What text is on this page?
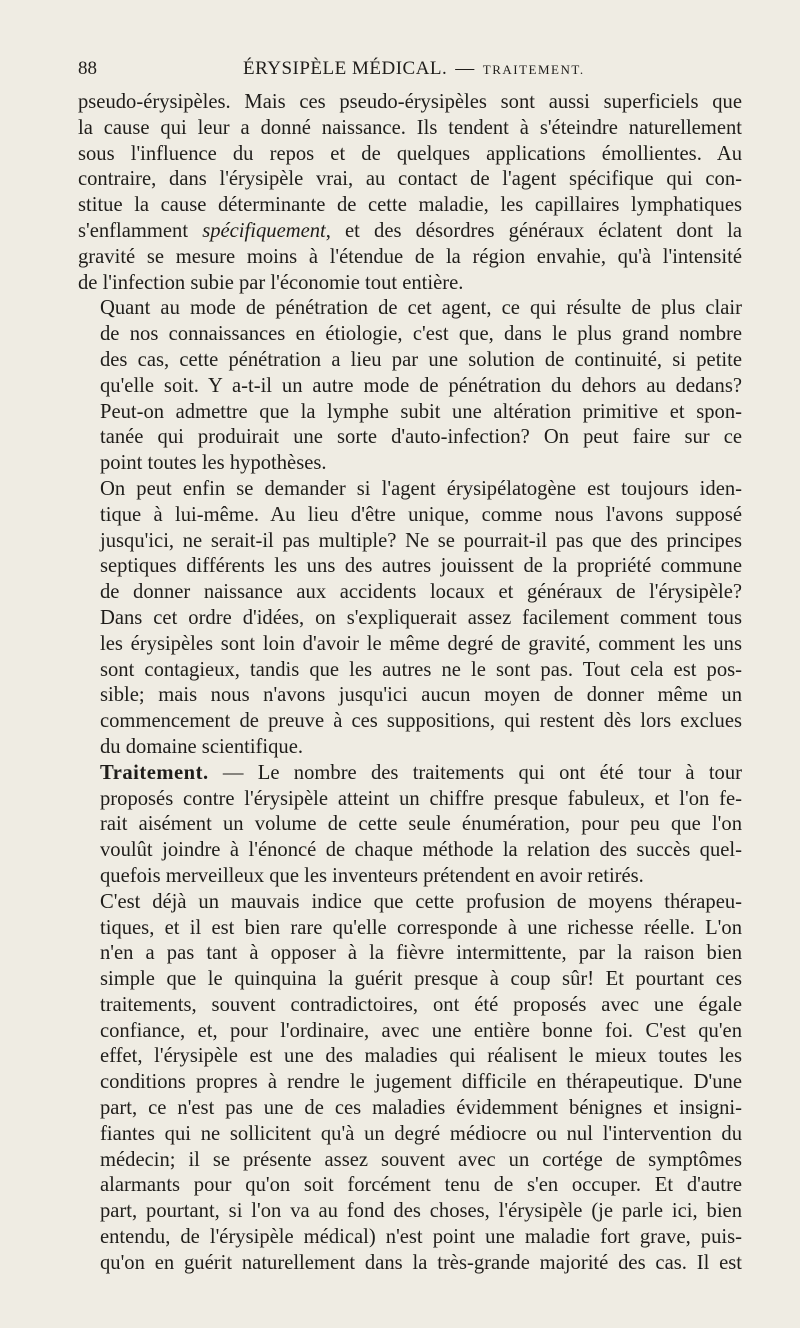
88	ÉRYSIPÈLE MÉDICAL. — TRAITEMENT.

pseudo-érysipèles. Mais ces pseudo-érysipèles sont aussi superficiels que
la cause qui leur a donné naissance. Ils tendent à s'éteindre naturellement
sous l'influence du repos et de quelques applications émollientes. Au
contraire, dans l'érysipèle vrai, au contact de l'agent spécifique qui con-
stitue la cause déterminante de cette maladie, les capillaires lymphatiques
s'enflamment spécifiquement, et des désordres généraux éclatent dont la
gravité se mesure moins à l'étendue de la région envahie, qu'à l'intensité
de l'infection subie par l'économie tout entière.

Quant au mode de pénétration de cet agent, ce qui résulte de plus clair
de nos connaissances en étiologie, c'est que, dans le plus grand nombre
des cas, cette pénétration a lieu par une solution de continuité, si petite
qu'elle soit. Y a-t-il un autre mode de pénétration du dehors au dedans?
Peut-on admettre que la lymphe subit une altération primitive et spon-
tanée qui produirait une sorte d'auto-infection? On peut faire sur ce
point toutes les hypothèses.

On peut enfin se demander si l'agent érysipélatogène est toujours iden-
tique à lui-même. Au lieu d'être unique, comme nous l'avons supposé
jusqu'ici, ne serait-il pas multiple? Ne se pourrait-il pas que des principes
septiques différents les uns des autres jouissent de la propriété commune
de donner naissance aux accidents locaux et généraux de l'érysipèle?
Dans cet ordre d'idées, on s'expliquerait assez facilement comment tous
les érysipèles sont loin d'avoir le même degré de gravité, comment les uns
sont contagieux, tandis que les autres ne le sont pas. Tout cela est pos-
sible; mais nous n'avons jusqu'ici aucun moyen de donner même un
commencement de preuve à ces suppositions, qui restent dès lors exclues
du domaine scientifique.

Traitement. — Le nombre des traitements qui ont été tour à tour
proposés contre l'érysipèle atteint un chiffre presque fabuleux, et l'on fe-
rait aisément un volume de cette seule énumération, pour peu que l'on
voulût joindre à l'énoncé de chaque méthode la relation des succès quel-
quefois merveilleux que les inventeurs prétendent en avoir retirés.

C'est déjà un mauvais indice que cette profusion de moyens thérapeu-
tiques, et il est bien rare qu'elle corresponde à une richesse réelle. L'on
n'en a pas tant à opposer à la fièvre intermittente, par la raison bien
simple que le quinquina la guérit presque à coup sûr! Et pourtant ces
traitements, souvent contradictoires, ont été proposés avec une égale
confiance, et, pour l'ordinaire, avec une entière bonne foi. C'est qu'en
effet, l'érysipèle est une des maladies qui réalisent le mieux toutes les
conditions propres à rendre le jugement difficile en thérapeutique. D'une
part, ce n'est pas une de ces maladies évidemment bénignes et insigni-
fiantes qui ne sollicitent qu'à un degré médiocre ou nul l'intervention du
médecin; il se présente assez souvent avec un cortége de symptômes
alarmants pour qu'on soit forcément tenu de s'en occuper. Et d'autre
part, pourtant, si l'on va au fond des choses, l'érysipèle (je parle ici, bien
entendu, de l'érysipèle médical) n'est point une maladie fort grave, puis-
qu'on en guérit naturellement dans la très-grande majorité des cas. Il est
